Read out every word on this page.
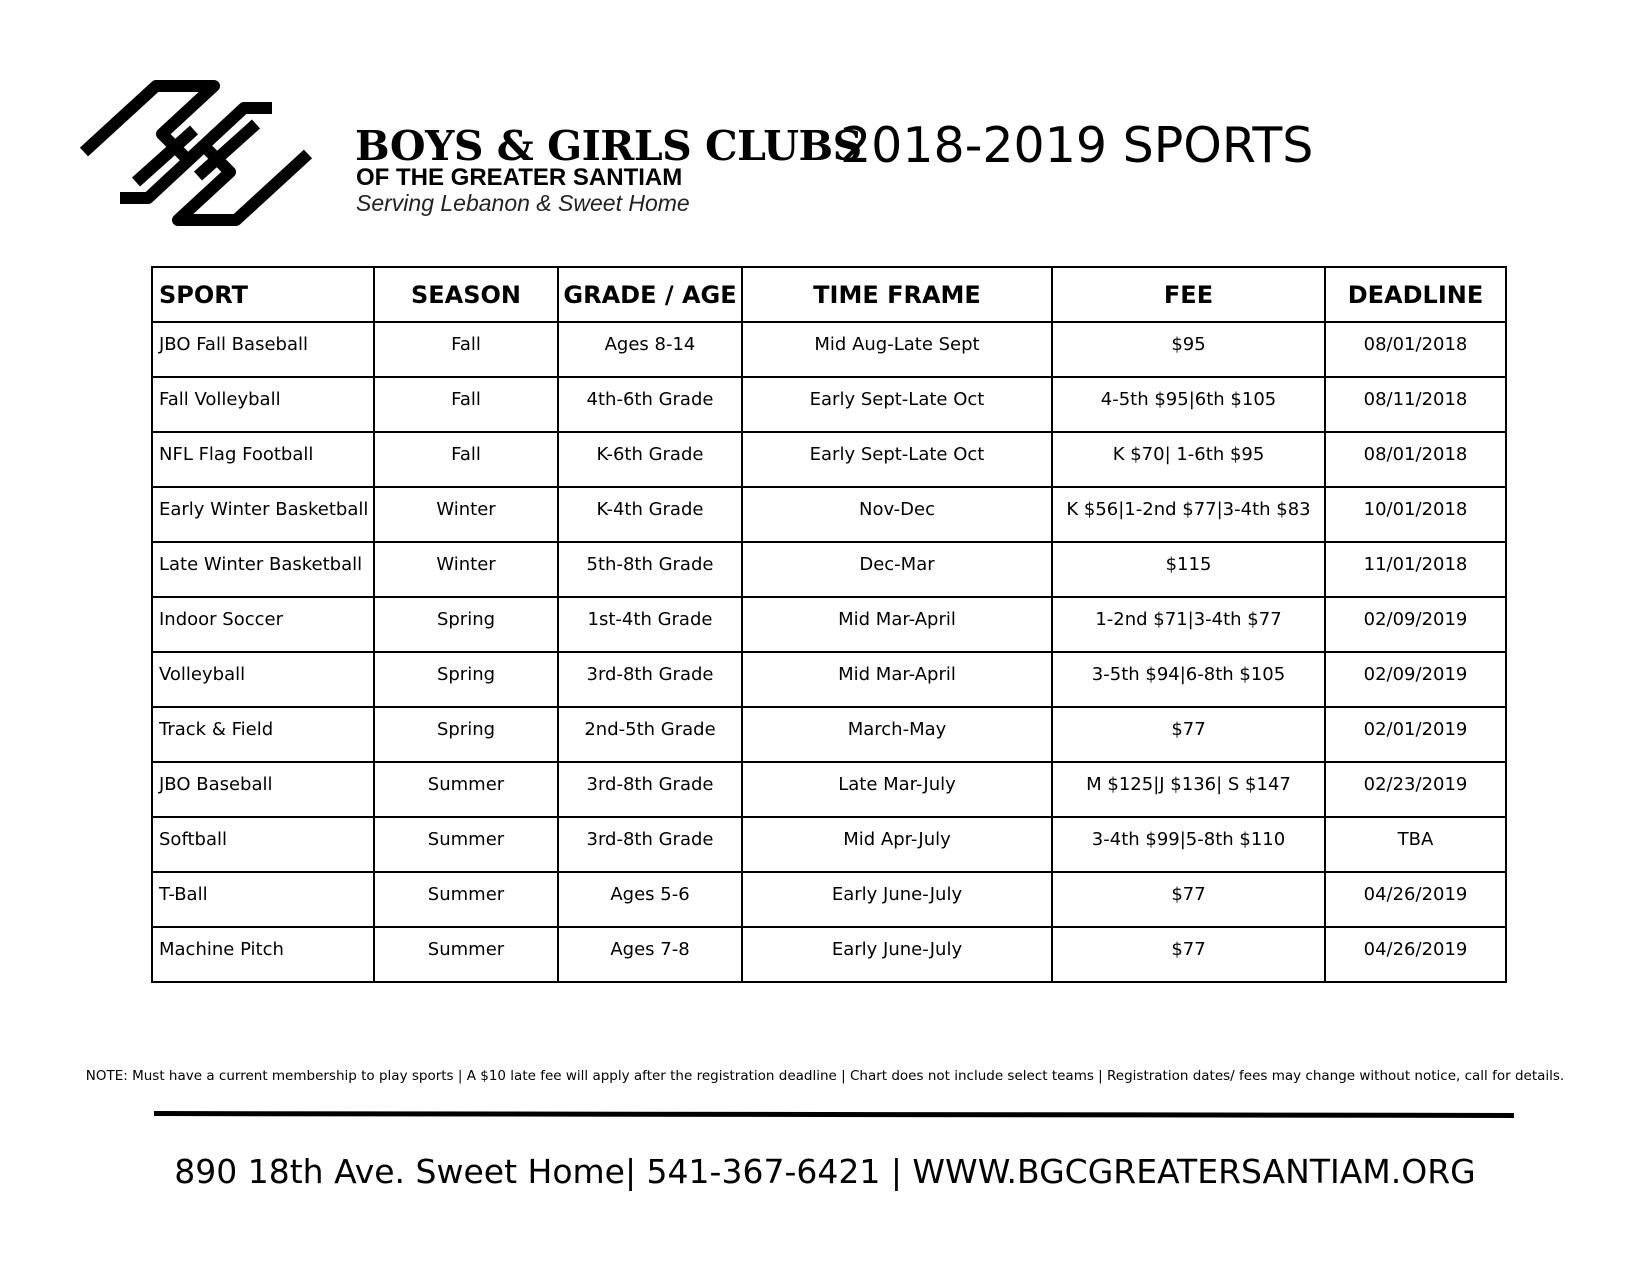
BOYS & GIRLS CLUBS
OF THE GREATER SANTIAM
Serving Lebanon & Sweet Home
2018-2019 SPORTS
SPORT	SEASON	GRADE / AGE	TIME FRAME	FEE	DEADLINE
JBO Fall Baseball	Fall	Ages 8-14	Mid Aug-Late Sept	$95	08/01/2018
Fall Volleyball	Fall	4th-6th Grade	Early Sept-Late Oct	4-5th $95|6th $105	08/11/2018
NFL Flag Football	Fall	K-6th Grade	Early Sept-Late Oct	K $70| 1-6th $95	08/01/2018
Early Winter Basketball	Winter	K-4th Grade	Nov-Dec	K $56|1-2nd $77|3-4th $83	10/01/2018
Late Winter Basketball	Winter	5th-8th Grade	Dec-Mar	$115	11/01/2018
Indoor Soccer	Spring	1st-4th Grade	Mid Mar-April	1-2nd $71|3-4th $77	02/09/2019
Volleyball	Spring	3rd-8th Grade	Mid Mar-April	3-5th $94|6-8th $105	02/09/2019
Track & Field	Spring	2nd-5th Grade	March-May	$77	02/01/2019
JBO Baseball	Summer	3rd-8th Grade	Late Mar-July	M $125|J $136| S $147	02/23/2019
Softball	Summer	3rd-8th Grade	Mid Apr-July	3-4th $99|5-8th $110	TBA
T-Ball	Summer	Ages 5-6	Early June-July	$77	04/26/2019
Machine Pitch	Summer	Ages 7-8	Early June-July	$77	04/26/2019
NOTE: Must have a current membership to play sports | A $10 late fee will apply after the registration deadline | Chart does not include select teams | Registration dates/ fees may change without notice, call for details.
890 18th Ave. Sweet Home| 541-367-6421 | WWW.BGCGREATERSANTIAM.ORG
